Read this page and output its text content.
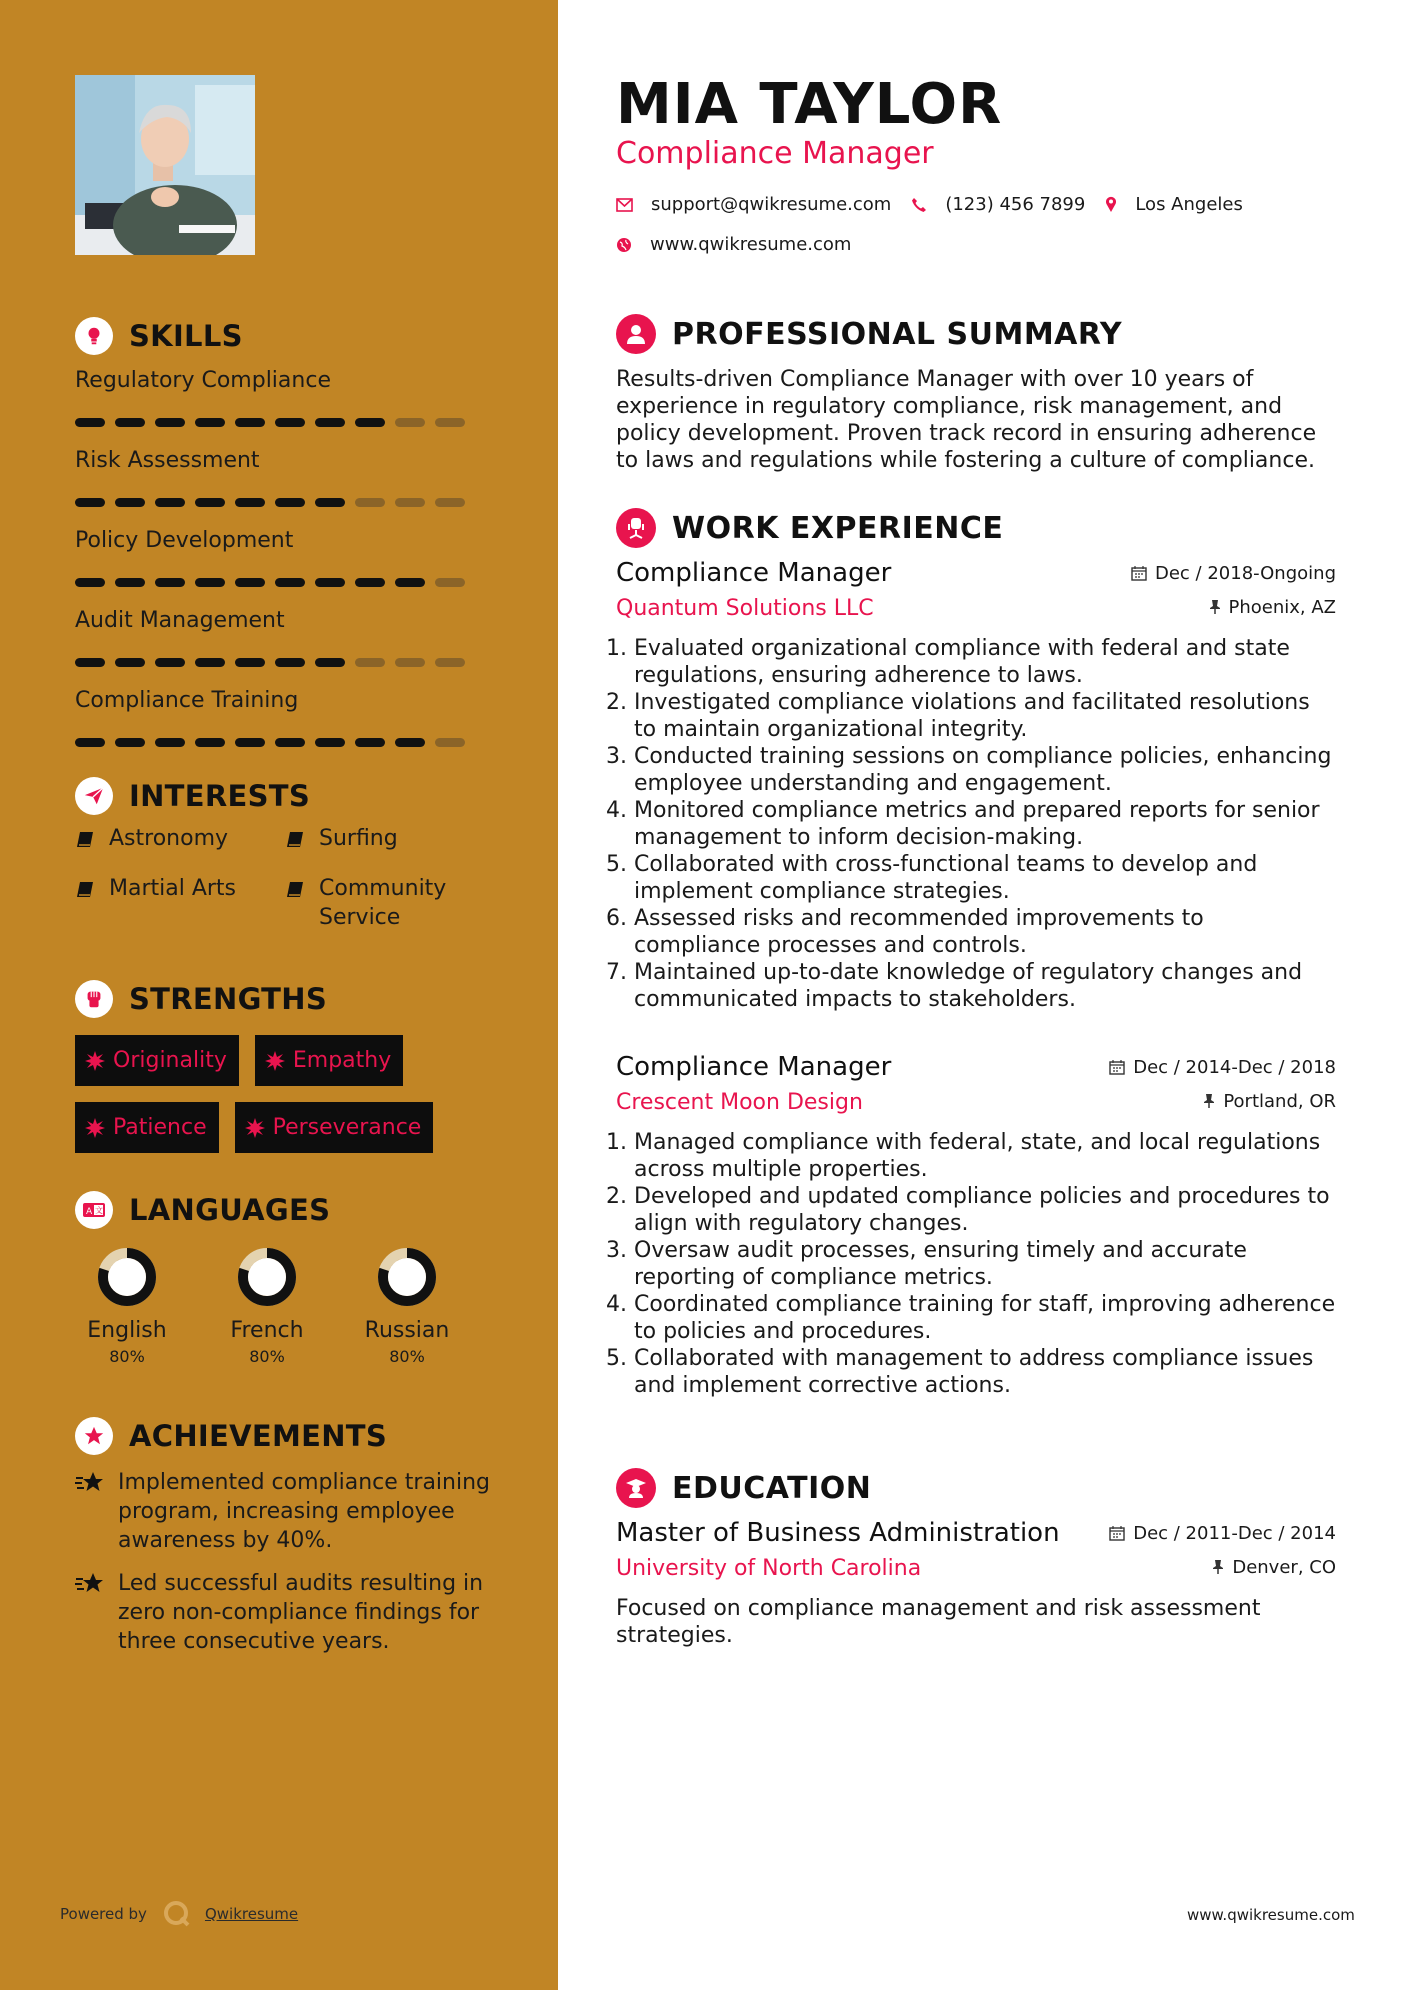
SKILLS
Regulatory Compliance
Risk Assessment
Policy Development
Audit Management
Compliance Training
INTERESTS
Astronomy	Surfing
Martial Arts	Community Service
STRENGTHS
Originality	Empathy
Patience	Perseverance
A 文 LANGUAGES
English
80%
French
80%
Russian
80%
ACHIEVEMENTS
Implemented compliance training program, increasing employee awareness by 40%.
Led successful audits resulting in zero non-compliance findings for three consecutive years.
Powered by	Qwikresume
MIA TAYLOR
Compliance Manager
support@qwikresume.com	(123) 456 7899	Los Angeles
www.qwikresume.com
PROFESSIONAL SUMMARY
Results-driven Compliance Manager with over 10 years of experience in regulatory compliance, risk management, and policy development. Proven track record in ensuring adherence to laws and regulations while fostering a culture of compliance.
WORK EXPERIENCE
Compliance Manager	Dec / 2018-Ongoing
Quantum Solutions LLC	Phoenix, AZ
1. Evaluated organizational compliance with federal and state regulations, ensuring adherence to laws.
2. Investigated compliance violations and facilitated resolutions to maintain organizational integrity.
3. Conducted training sessions on compliance policies, enhancing employee understanding and engagement.
4. Monitored compliance metrics and prepared reports for senior management to inform decision-making.
5. Collaborated with cross-functional teams to develop and implement compliance strategies.
6. Assessed risks and recommended improvements to compliance processes and controls.
7. Maintained up-to-date knowledge of regulatory changes and communicated impacts to stakeholders.
Compliance Manager	Dec / 2014-Dec / 2018
Crescent Moon Design	Portland, OR
1. Managed compliance with federal, state, and local regulations across multiple properties.
2. Developed and updated compliance policies and procedures to align with regulatory changes.
3. Oversaw audit processes, ensuring timely and accurate reporting of compliance metrics.
4. Coordinated compliance training for staff, improving adherence to policies and procedures.
5. Collaborated with management to address compliance issues and implement corrective actions.
EDUCATION
Master of Business Administration	Dec / 2011-Dec / 2014
University of North Carolina	Denver, CO
Focused on compliance management and risk assessment strategies.
www.qwikresume.com
